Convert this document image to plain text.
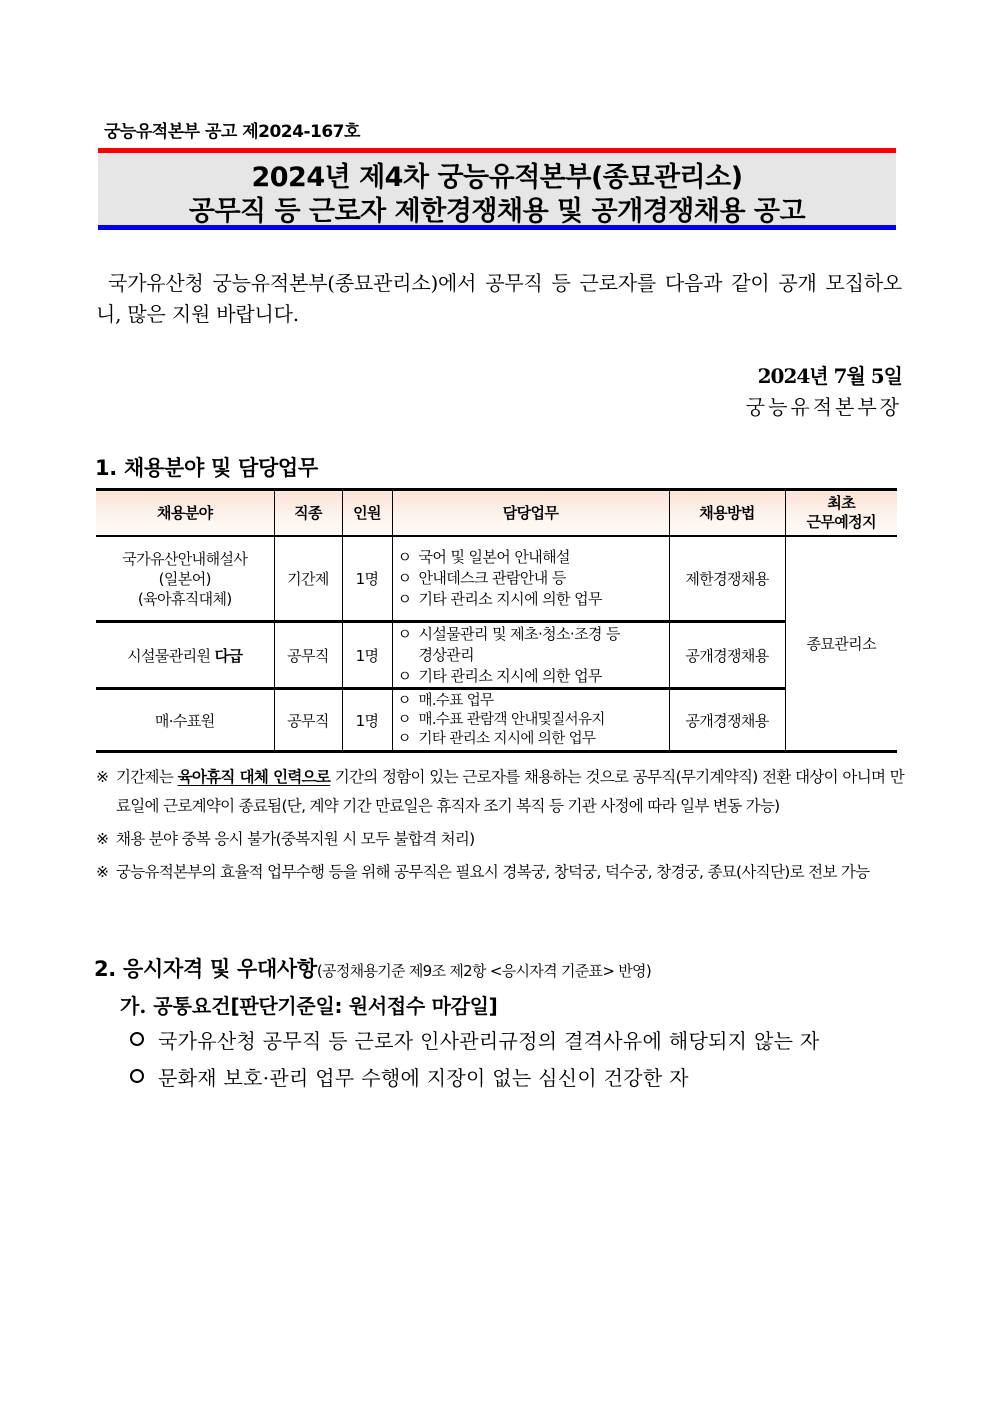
궁능유적본부 공고 제2024-167호
2024년 제4차 궁능유적본부(종묘관리소)
공무직 등 근로자 제한경쟁채용 및 공개경쟁채용 공고
국가유산청 궁능유적본부(종묘관리소)에서 공무직 등 근로자를 다음과 같이 공개 모집하오니, 많은 지원 바랍니다.
2024년 7월 5일
궁능유적본부장
1. 채용분야 및 담당업무
채용분야	직종	인원	담당업무	채용방법	최초
근무예정지

국가유산안내해설사
(일본어)
(육아휴직대체)	기간제	1명	ㅇ 국어 및 일본어 안내해설
ㅇ 안내데스크 관람안내 등
ㅇ 기타 관리소 지시에 의한 업무	제한경쟁채용	종묘관리소
시설물관리원 다급	공무직	1명	ㅇ 시설물관리 및 제초·청소·조경 등
경상관리
ㅇ 기타 관리소 지시에 의한 업무	공개경쟁채용	
매·수표원	공무직	1명	ㅇ 매.수표 업무
ㅇ 매.수표 관람객 안내및질서유지
ㅇ 기타 관리소 지시에 의한 업무	공개경쟁채용	
※ 기간제는 육아휴직 대체 인력으로 기간의 정함이 있는 근로자를 채용하는 것으로 공무직(무기계약직) 전환 대상이 아니며 만료일에 근로계약이 종료됨(단, 계약 기간 만료일은 휴직자 조기 복직 등 기관 사정에 따라 일부 변동 가능)
※ 채용 분야 중복 응시 불가(중복지원 시 모두 불합격 처리)
※ 궁능유적본부의 효율적 업무수행 등을 위해 공무직은 필요시 경복궁, 창덕궁, 덕수궁, 창경궁, 종묘(사직단)로 전보 가능
2. 응시자격 및 우대사항(공정채용기준 제9조 제2항 <응시자격 기준표> 반영)
가. 공통요건[판단기준일: 원서접수 마감일]
국가유산청 공무직 등 근로자 인사관리규정의 결격사유에 해당되지 않는 자
문화재 보호·관리 업무 수행에 지장이 없는 심신이 건강한 자
